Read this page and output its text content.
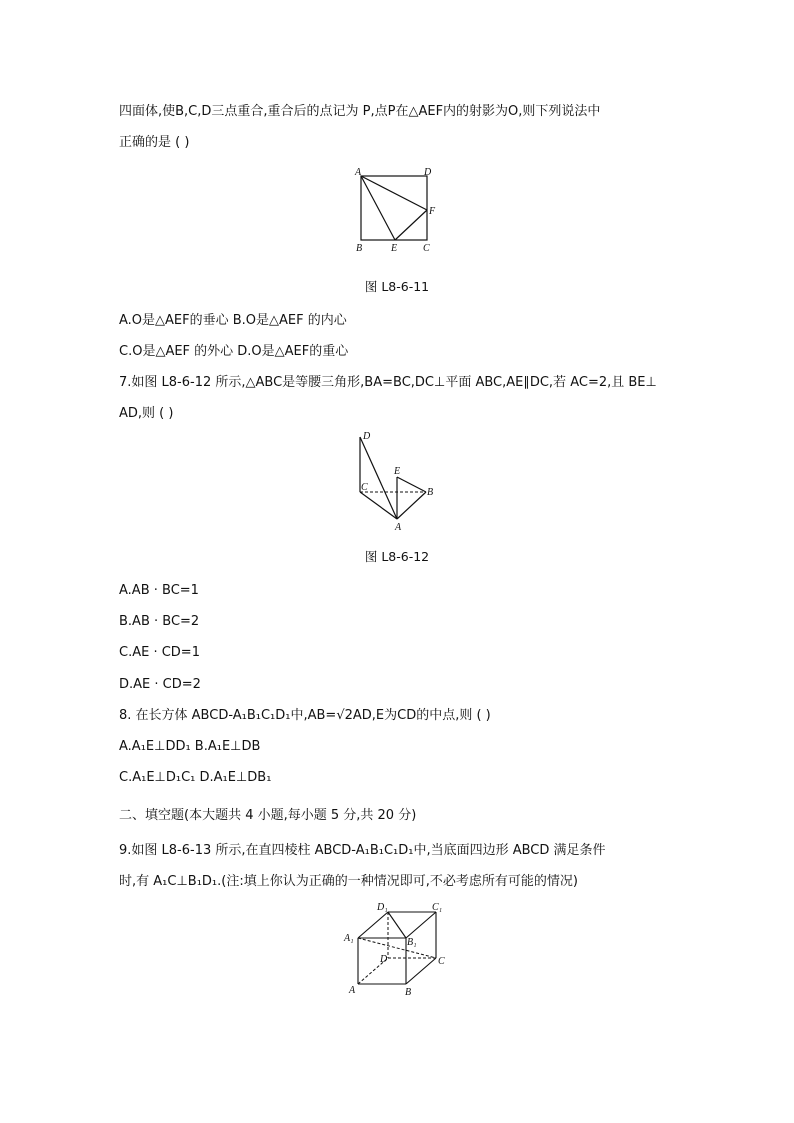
四面体,使B,C,D三点重合,重合后的点记为 P,点P在△AEF内的射影为O,则下列说法中
正确的是 ( )
A	D
F
B	E	C
图 L8-6-11
A.O是△AEF的垂心 B.O是△AEF 的内心
C.O是△AEF 的外心 D.O是△AEF的重心
7.如图 L8-6-12 所示,△ABC是等腰三角形,BA=BC,DC⊥平面 ABC,AE∥DC,若 AC=2,且 BE⊥
AD,则 ( )
D
E
C	B
A
图 L8-6-12
A.AB · BC=1
B.AB · BC=2
C.AE · CD=1
D.AE · CD=2
8. 在长方体 ABCD-A₁B₁C₁D₁中,AB=√2AD,E为CD的中点,则 ( )
A.A₁E⊥DD₁ B.A₁E⊥DB
C.A₁E⊥D₁C₁ D.A₁E⊥DB₁
二、填空题(本大题共 4 小题,每小题 5 分,共 20 分)
9.如图 L8-6-13 所示,在直四棱柱 ABCD-A₁B₁C₁D₁中,当底面四边形 ABCD 满足条件
时,有 A₁C⊥B₁D₁.(注:填上你认为正确的一种情况即可,不必考虑所有可能的情况)
D₁	C₁
A₁	B₁
D	C
A	B
